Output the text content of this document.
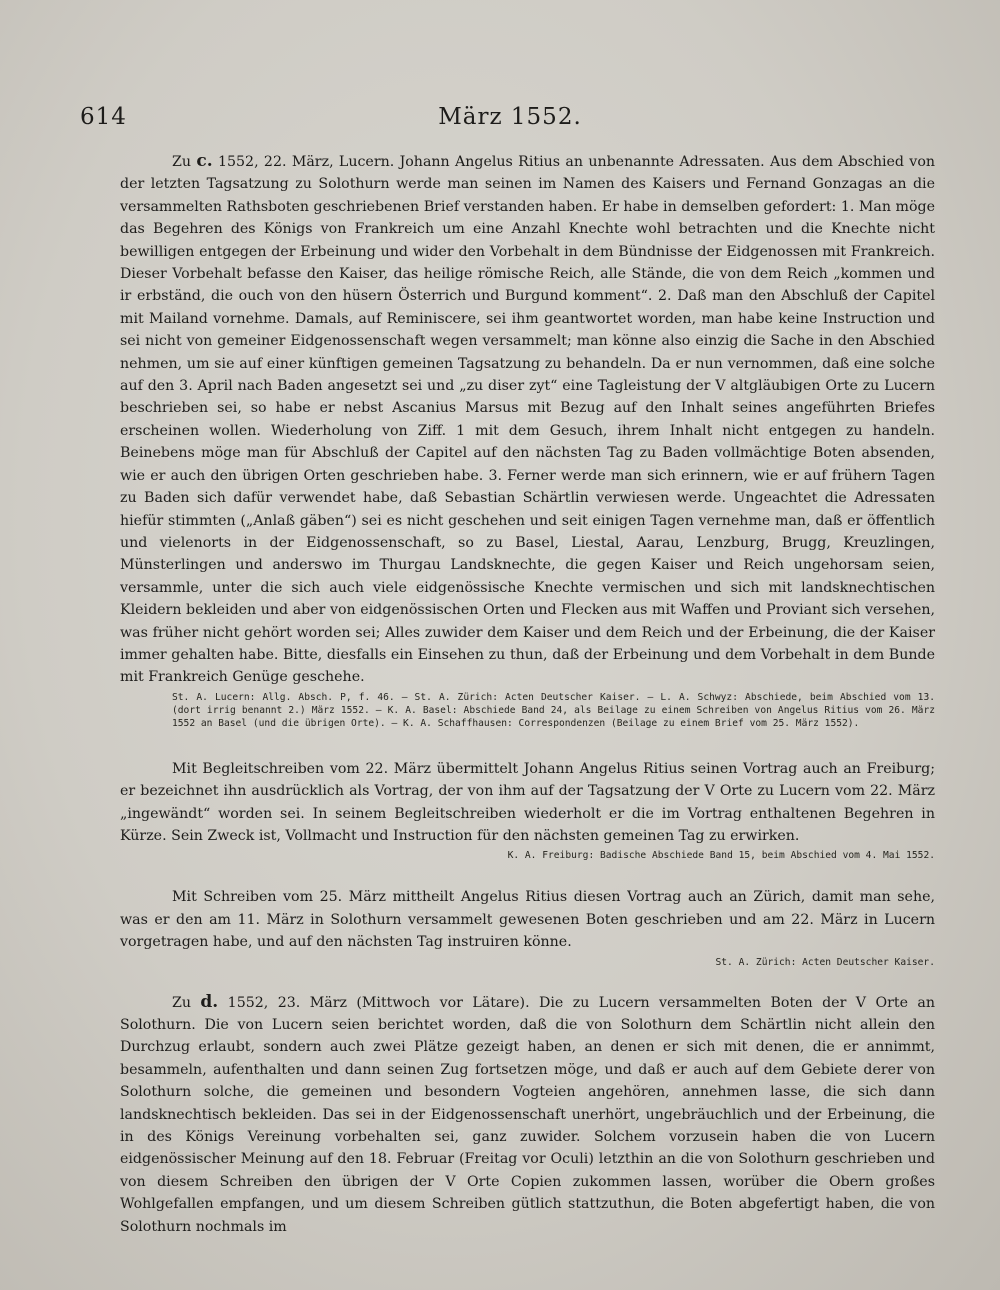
614	März 1552.

Zu c. 1552, 22. März, Lucern. Johann Angelus Ritius an unbenannte Adressaten. Aus dem Abschied von der letzten Tagsatzung zu Solothurn werde man seinen im Namen des Kaisers und Fernand Gonzagas an die versammelten Rathsboten geschriebenen Brief verstanden haben. Er habe in demselben gefordert: 1. Man möge das Begehren des Königs von Frankreich um eine Anzahl Knechte wohl betrachten und die Knechte nicht bewilligen entgegen der Erbeinung und wider den Vorbehalt in dem Bündnisse der Eidgenossen mit Frankreich. Dieser Vorbehalt befasse den Kaiser, das heilige römische Reich, alle Stände, die von dem Reich „kommen und ir erbständ, die ouch von den hüsern Österrich und Burgund komment“. 2. Daß man den Abschluß der Capitel mit Mailand vornehme. Damals, auf Reminiscere, sei ihm geantwortet worden, man habe keine Instruction und sei nicht von gemeiner Eidgenossenschaft wegen versammelt; man könne also einzig die Sache in den Abschied nehmen, um sie auf einer künftigen gemeinen Tagsatzung zu behandeln. Da er nun vernommen, daß eine solche auf den 3. April nach Baden angesetzt sei und „zu diser zyt“ eine Tagleistung der V altgläubigen Orte zu Lucern beschrieben sei, so habe er nebst Ascanius Marsus mit Bezug auf den Inhalt seines angeführten Briefes erscheinen wollen. Wiederholung von Ziff. 1 mit dem Gesuch, ihrem Inhalt nicht entgegen zu handeln. Beinebens möge man für Abschluß der Capitel auf den nächsten Tag zu Baden vollmächtige Boten absenden, wie er auch den übrigen Orten geschrieben habe. 3. Ferner werde man sich erinnern, wie er auf frühern Tagen zu Baden sich dafür verwendet habe, daß Sebastian Schärtlin verwiesen werde. Ungeachtet die Adressaten hiefür stimmten („Anlaß gäben“) sei es nicht geschehen und seit einigen Tagen vernehme man, daß er öffentlich und vielenorts in der Eidgenossenschaft, so zu Basel, Liestal, Aarau, Lenzburg, Brugg, Kreuzlingen, Münsterlingen und anderswo im Thurgau Landsknechte, die gegen Kaiser und Reich ungehorsam seien, versammle, unter die sich auch viele eidgenössische Knechte vermischen und sich mit landsknechtischen Kleidern bekleiden und aber von eidgenössischen Orten und Flecken aus mit Waffen und Proviant sich versehen, was früher nicht gehört worden sei; Alles zuwider dem Kaiser und dem Reich und der Erbeinung, die der Kaiser immer gehalten habe. Bitte, diesfalls ein Einsehen zu thun, daß der Erbeinung und dem Vorbehalt in dem Bunde mit Frankreich Genüge geschehe.

St. A. Lucern: Allg. Absch. P, f. 46. — St. A. Zürich: Acten Deutscher Kaiser. — L. A. Schwyz: Abschiede, beim Abschied vom 13. (dort irrig benannt 2.) März 1552. — K. A. Basel: Abschiede Band 24, als Beilage zu einem Schreiben von Angelus Ritius vom 26. März 1552 an Basel (und die übrigen Orte). — K. A. Schaffhausen: Correspondenzen (Beilage zu einem Brief vom 25. März 1552).

Mit Begleitschreiben vom 22. März übermittelt Johann Angelus Ritius seinen Vortrag auch an Freiburg; er bezeichnet ihn ausdrücklich als Vortrag, der von ihm auf der Tagsatzung der V Orte zu Lucern vom 22. März „ingewändt“ worden sei. In seinem Begleitschreiben wiederholt er die im Vortrag enthaltenen Begehren in Kürze. Sein Zweck ist, Vollmacht und Instruction für den nächsten gemeinen Tag zu erwirken.

K. A. Freiburg: Badische Abschiede Band 15, beim Abschied vom 4. Mai 1552.

Mit Schreiben vom 25. März mittheilt Angelus Ritius diesen Vortrag auch an Zürich, damit man sehe, was er den am 11. März in Solothurn versammelt gewesenen Boten geschrieben und am 22. März in Lucern vorgetragen habe, und auf den nächsten Tag instruiren könne.

St. A. Zürich: Acten Deutscher Kaiser.

Zu d. 1552, 23. März (Mittwoch vor Lätare). Die zu Lucern versammelten Boten der V Orte an Solothurn. Die von Lucern seien berichtet worden, daß die von Solothurn dem Schärtlin nicht allein den Durchzug erlaubt, sondern auch zwei Plätze gezeigt haben, an denen er sich mit denen, die er annimmt, besammeln, aufenthalten und dann seinen Zug fortsetzen möge, und daß er auch auf dem Gebiete derer von Solothurn solche, die gemeinen und besondern Vogteien angehören, annehmen lasse, die sich dann landsknechtisch bekleiden. Das sei in der Eidgenossenschaft unerhört, ungebräuchlich und der Erbeinung, die in des Königs Vereinung vorbehalten sei, ganz zuwider. Solchem vorzusein haben die von Lucern eidgenössischer Meinung auf den 18. Februar (Freitag vor Oculi) letzthin an die von Solothurn geschrieben und von diesem Schreiben den übrigen der V Orte Copien zukommen lassen, worüber die Obern großes Wohlgefallen empfangen, und um diesem Schreiben gütlich stattzuthun, die Boten abgefertigt haben, die von Solothurn nochmals im
